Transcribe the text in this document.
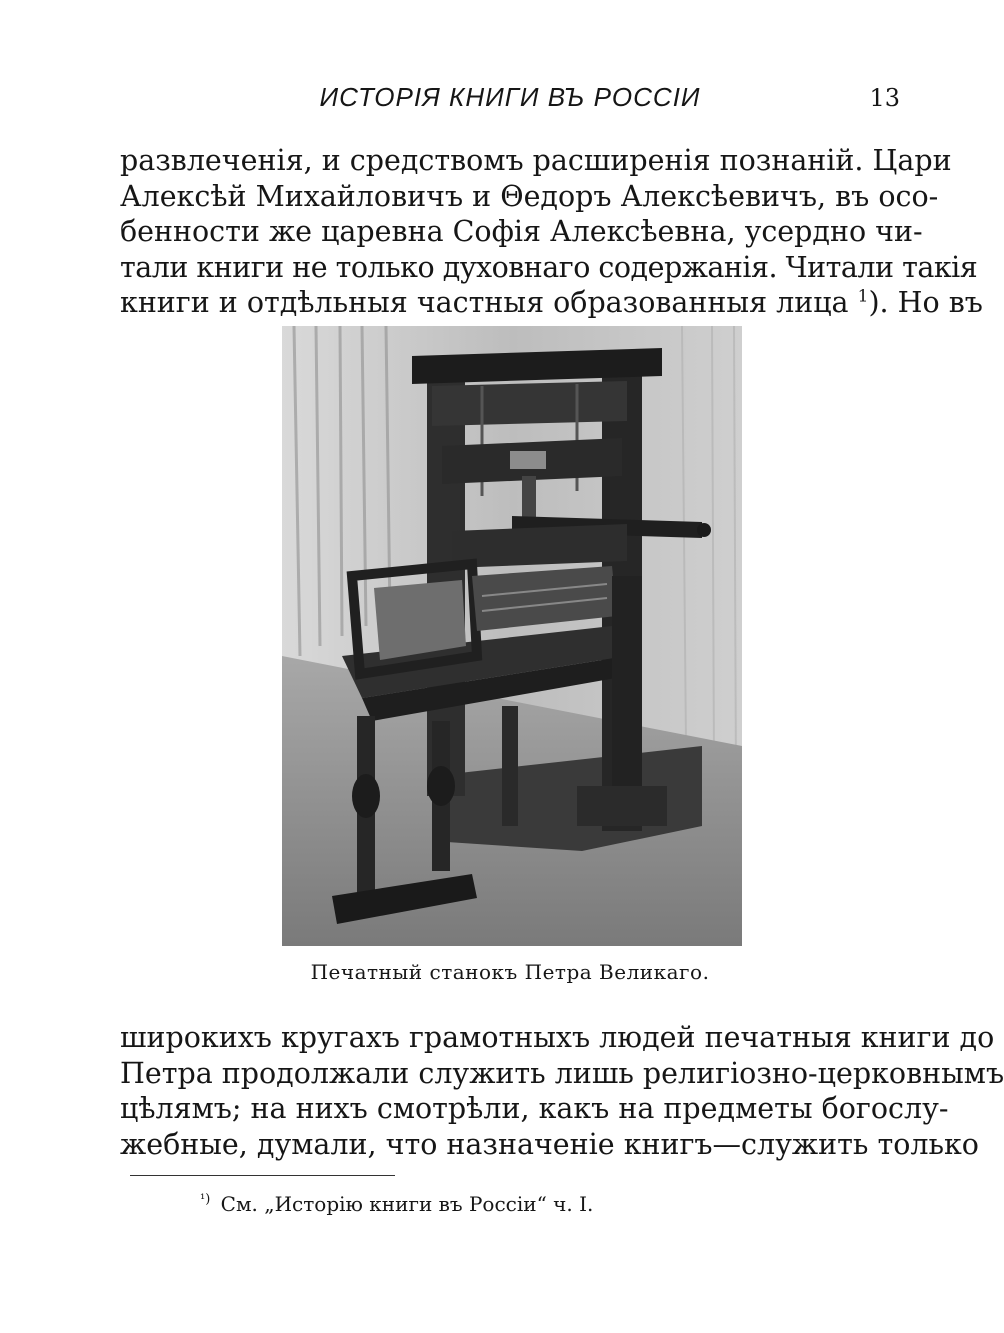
ИСТОРІЯ КНИГИ ВЪ РОССІИ	13
развлеченія, и средствомъ расширенія познаній. Цари
Алексѣй Михайловичъ и Θедоръ Алексѣевичъ, въ осо-
бенности же царевна Софія Алексѣевна, усердно чи-
тали книги не только духовнаго содержанія. Читали такія
книги и отдѣльныя частныя образованныя лица $^1$). Но въ
Печатный станокъ Петра Великаго.
широкихъ кругахъ грамотныхъ людей печатныя книги до
Петра продолжали служить лишь религіозно-церковнымъ
цѣлямъ; на нихъ смотрѣли, какъ на предметы богослу-
жебные, думали, что назначеніе книгъ—служить только
$^{^1)}$ См. „Исторію книги въ Россіи“ ч. I.
